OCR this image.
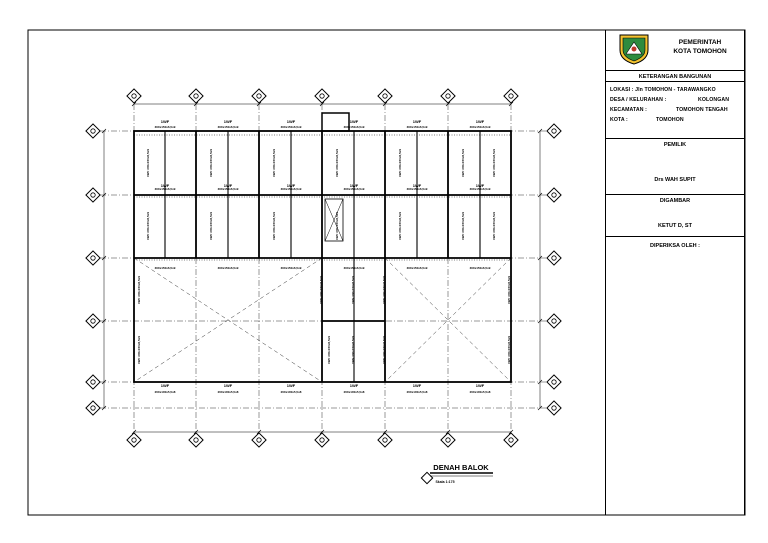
1WF
300x150x6,5x9
1WF
300x150x6,5x9
300x150x6,5x9
1WF
300x150x6,5x9
1WF
300x150x6,5x9
300x150x6,5x9
1WF
300x150x6,5x9
1WF
300x150x6,5x9
300x150x6,5x9
1WF
300x150x6,5x9
1WF
300x150x6,5x9
300x150x6,5x9
1WF
300x150x6,5x9
1WF
300x150x6,5x9
300x150x6,5x9
1WF
300x150x6,5x9
1WF
300x150x6,5x9
300x150x6,5x9
1WF
200x100x5,5x8
1WF
200x100x5,5x8
1WF
200x100x5,5x8
1WF
200x100x5,5x8
1WF
200x100x5,5x8
1WF
200x100x5,5x8
1WF 300x150x6,5x9	1WF 300x150x6,5x9	1WF 300x150x6,5x9	1WF 300x150x6,5x9	1WF 300x150x6,5x9	1WF 300x150x6,5x9	1WF 300x150x6,5x9
1WF 300x150x6,5x9	1WF 300x150x6,5x9	1WF 300x150x6,5x9	1WF 300x150x6,5x9	1WF 300x150x6,5x9	1WF 300x150x6,5x9	1WF 300x150x6,5x9
1WF 300x150x6,5x9	1WF 300x150x6,5x9	1WF 300x150x6,5x9	1WF 300x150x6,5x9	1WF 300x150x6,5x9
1WF 300x150x6,5x9	1WF 300x150x6,5x9	1WF 300x150x6,5x9	1WF 300x150x6,5x9	1WF 300x150x6,5x9
DENAH BALOK
Skala 1:175
PEMERINTAH
KOTA TOMOHON
KETERANGAN BANGUNAN
LOKASI : Jln TOMOHON - TARAWANGKO
DESA / KELURAHAN :	KOLONGAN
KECAMATAN :	TOMOHON TENGAH
KOTA :	TOMOHON
PEMILIK
Drs WAH SUPIT
DIGAMBAR
KETUT D, ST
DIPERIKSA OLEH :
